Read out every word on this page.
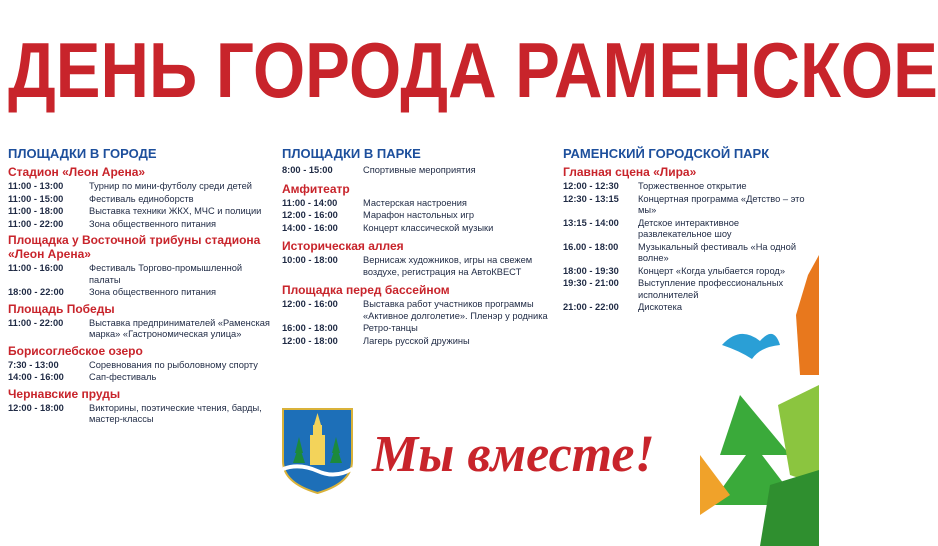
ДЕНЬ ГОРОДА РАМЕНСКОЕ
ПЛОЩАДКИ В ГОРОДЕ
Стадион «Леон Арена»
11:00 - 13:00	Турнир по мини-футболу среди детей
11:00 - 15:00	Фестиваль единоборств
11:00 - 18:00	Выставка техники ЖКХ, МЧС и полиции
11:00 - 22:00	Зона общественного питания
Площадка у Восточной трибуны стадиона «Леон Арена»
11:00 - 16:00	Фестиваль Торгово-промышленной палаты
18:00 - 22:00	Зона общественного питания
Площадь Победы
11:00 - 22:00	Выставка предпринимателей «Раменская марка» «Гастрономическая улица»
Борисоглебское озеро
7:30 - 13:00	Соревнования по рыболовному спорту
14:00 - 16:00	Сап-фестиваль
Чернавские пруды
12:00 - 18:00	Викторины, поэтические чтения, барды, мастер-классы
ПЛОЩАДКИ В ПАРКЕ
8:00 - 15:00	Спортивные мероприятия
Амфитеатр
11:00 - 14:00	Мастерская настроения
12:00 - 16:00	Марафон настольных игр
14:00 - 16:00	Концерт классической музыки
Историческая аллея
10:00 - 18:00	Вернисаж художников, игры на свежем воздухе, регистрация на АвтоКВЕСТ
Площадка перед бассейном
12:00 - 16:00	Выставка работ участников программы «Активное долголетие». Пленэр у родника
16:00 - 18:00	Ретро-танцы
12:00 - 18:00	Лагерь русской дружины
РАМЕНСКИЙ ГОРОДСКОЙ ПАРК
Главная сцена «Лира»
12:00 - 12:30	Торжественное открытие
12:30 - 13:15	Концертная программа «Детство – это мы»
13:15 - 14:00	Детское интерактивное развлекательное шоу
16.00 - 18:00	Музыкальный фестиваль «На одной волне»
18:00 - 19:30	Концерт «Когда улыбается город»
19:30 - 21:00	Выступление профессиональных исполнителей
21:00 - 22:00	Дискотека
Мы вместе!
